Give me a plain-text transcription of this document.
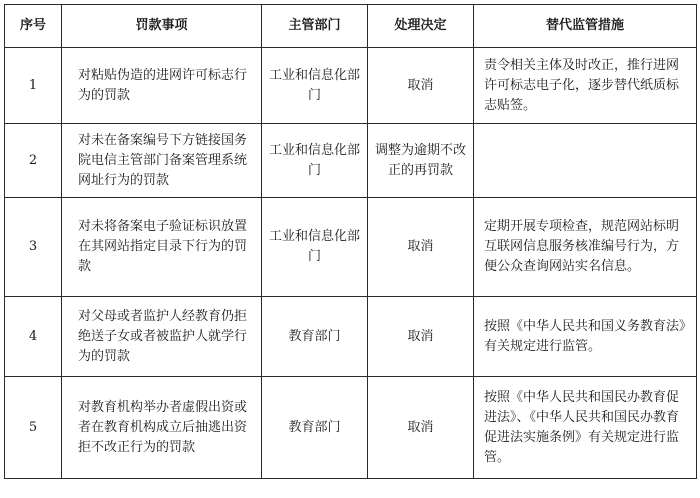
序号	罚款事项	主管部门	处理决定	替代监管措施
1	对粘贴伪造的进网许可标志行为的罚款	工业和信息化部门	取消	责令相关主体及时改正，推行进网许可标志电子化，逐步替代纸质标志贴签。
2	对未在备案编号下方链接国务院电信主管部门备案管理系统网址行为的罚款	工业和信息化部门	调整为逾期不改正的再罚款	
3	对未将备案电子验证标识放置在其网站指定目录下行为的罚款	工业和信息化部门	取消	定期开展专项检查，规范网站标明互联网信息服务核准编号行为，方便公众查询网站实名信息。
4	对父母或者监护人经教育仍拒绝送子女或者被监护人就学行为的罚款	教育部门	取消	按照《中华人民共和国义务教育法》有关规定进行监管。
5	对教育机构举办者虚假出资或者在教育机构成立后抽逃出资拒不改正行为的罚款	教育部门	取消	按照《中华人民共和国民办教育促进法》、《中华人民共和国民办教育促进法实施条例》有关规定进行监管。
